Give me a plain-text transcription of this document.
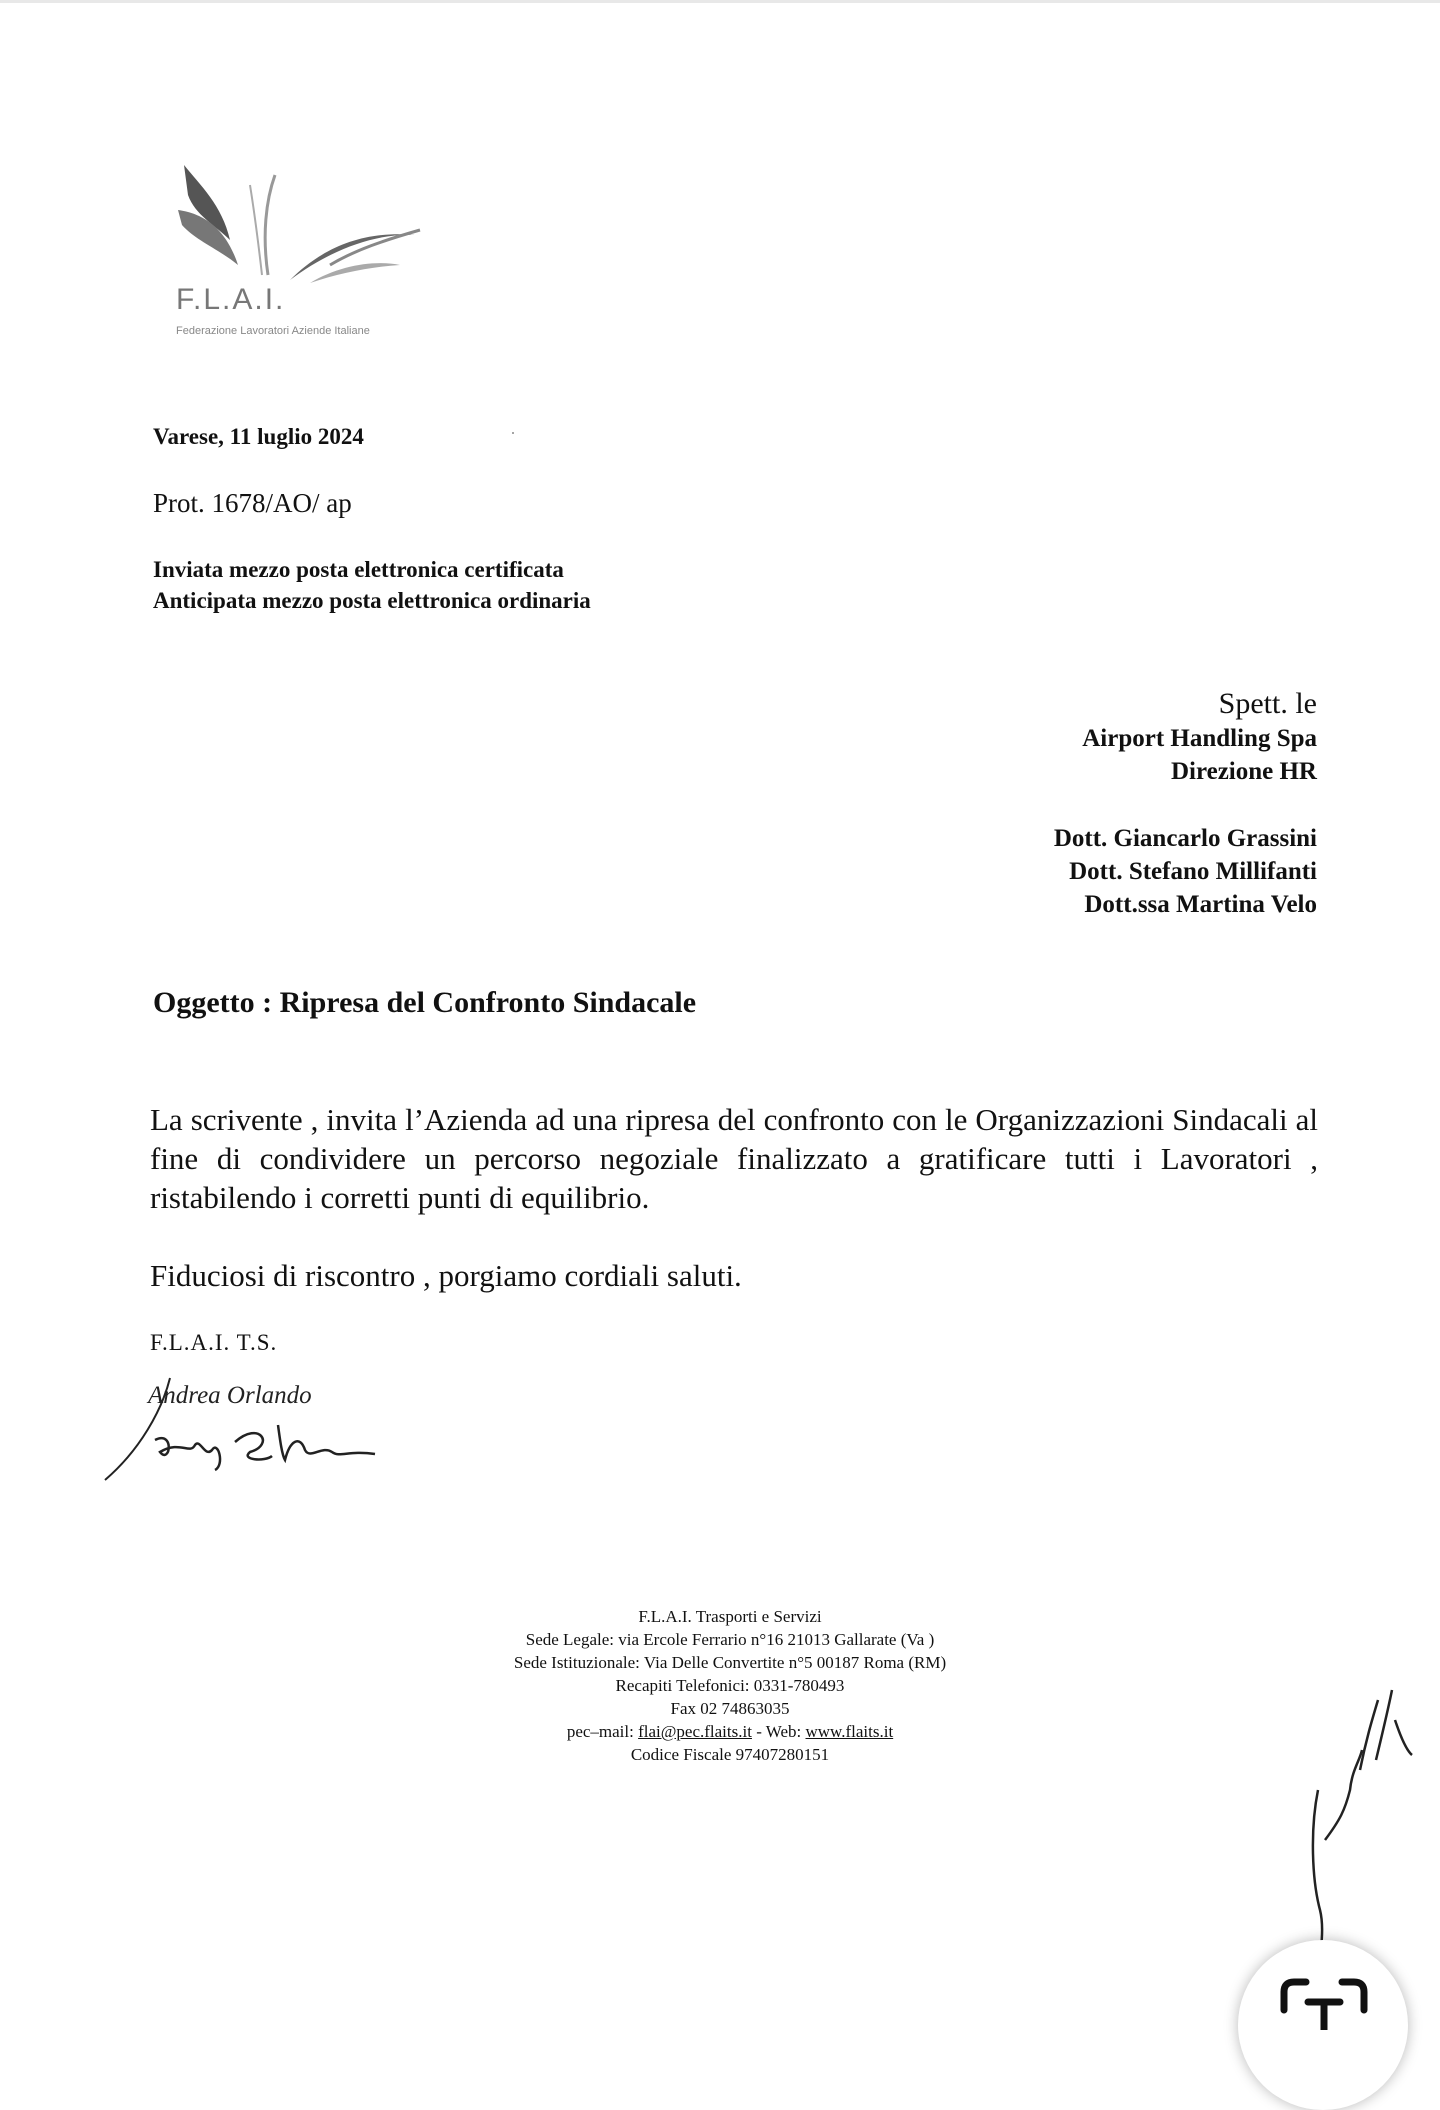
F.L.A.I.
Federazione Lavoratori Aziende Italiane
Varese, 11 luglio 2024
Prot. 1678/AO/ ap
Inviata mezzo posta elettronica certificata
Anticipata mezzo posta elettronica ordinaria
Spett. le
Airport Handling Spa
Direzione HR
Dott. Giancarlo Grassini
Dott. Stefano Millifanti
Dott.ssa Martina Velo
Oggetto : Ripresa del Confronto Sindacale
La scrivente , invita l’Azienda ad una ripresa del confronto con le Organizzazioni Sindacali al fine di condividere un percorso negoziale finalizzato a gratificare tutti i Lavoratori , ristabilendo i corretti punti di equilibrio.
Fiduciosi di riscontro , porgiamo cordiali saluti.
F.L.A.I. T.S.
Andrea Orlando
F.L.A.I. Trasporti e Servizi
Sede Legale: via Ercole Ferrario n°16 21013 Gallarate (Va )
Sede Istituzionale: Via Delle Convertite n°5 00187 Roma (RM)
Recapiti Telefonici: 0331-780493
Fax 02 74863035
pec–mail: flai@pec.flaits.it - Web: www.flaits.it
Codice Fiscale 97407280151
